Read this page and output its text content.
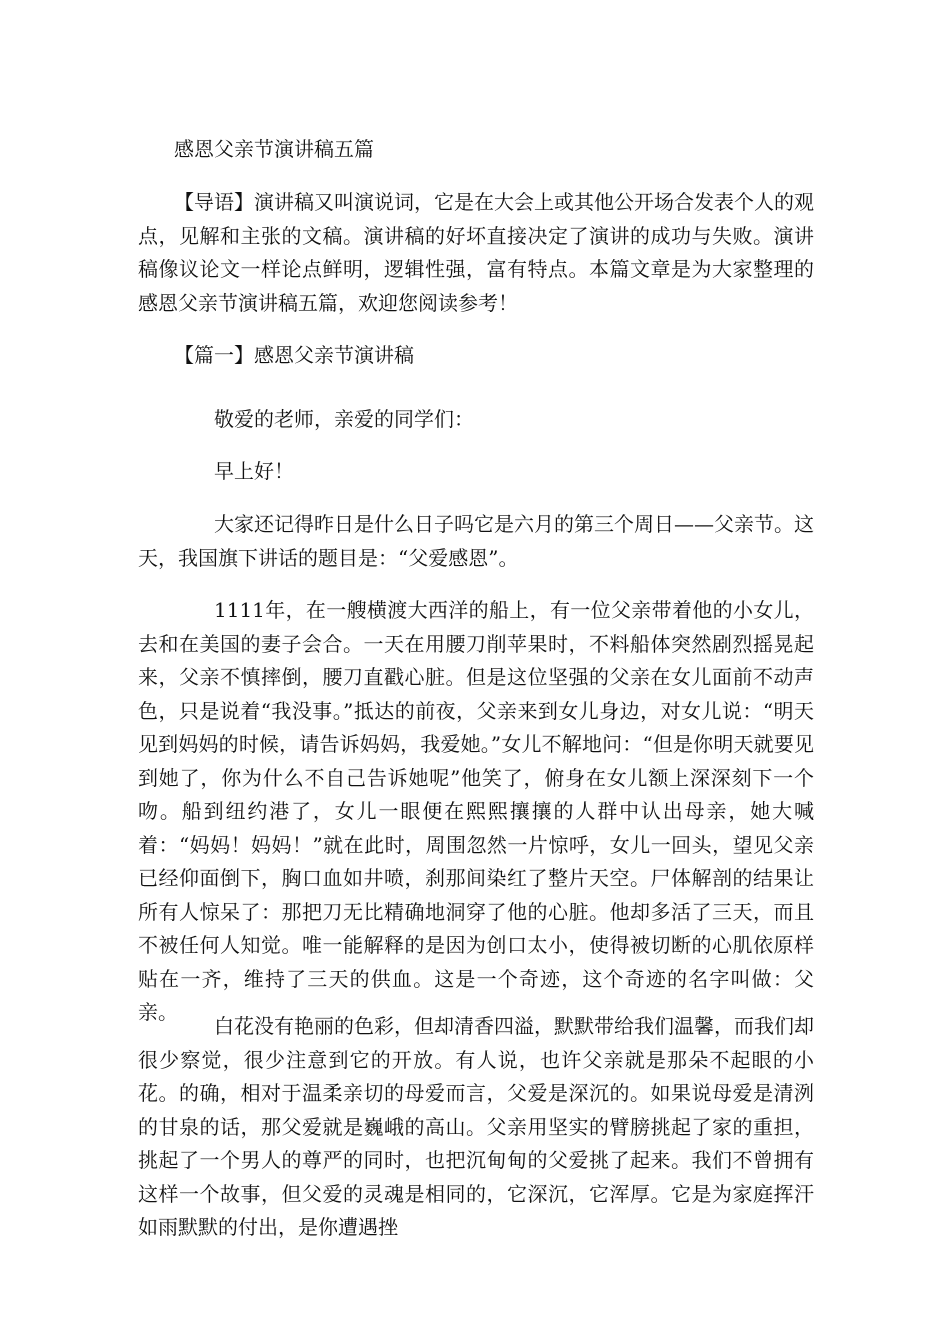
感恩父亲节演讲稿五篇

【导语】演讲稿又叫演说词，它是在大会上或其他公开场合发表个人的观点，见解和主张的文稿。演讲稿的好坏直接决定了演讲的成功与失败。演讲稿像议论文一样论点鲜明，逻辑性强，富有特点。本篇文章是为大家整理的感恩父亲节演讲稿五篇，欢迎您阅读参考！

【篇一】感恩父亲节演讲稿
敬爱的老师，亲爱的同学们：
早上好！

大家还记得昨日是什么日子吗它是六月的第三个周日——父亲节。这天，我国旗下讲话的题目是：“父爱感恩”。

1111年，在一艘横渡大西洋的船上，有一位父亲带着他的小女儿，去和在美国的妻子会合。一天在用腰刀削苹果时，不料船体突然剧烈摇晃起来，父亲不慎摔倒，腰刀直戳心脏。但是这位坚强的父亲在女儿面前不动声色，只是说着“我没事。”抵达的前夜，父亲来到女儿身边，对女儿说：“明天见到妈妈的时候，请告诉妈妈，我爱她。”女儿不解地问：“但是你明天就要见到她了，你为什么不自己告诉她呢”他笑了，俯身在女儿额上深深刻下一个吻。船到纽约港了，女儿一眼便在熙熙攘攘的人群中认出母亲，她大喊着：“妈妈！妈妈！”就在此时，周围忽然一片惊呼，女儿一回头，望见父亲已经仰面倒下，胸口血如井喷，刹那间染红了整片天空。尸体解剖的结果让所有人惊呆了：那把刀无比精确地洞穿了他的心脏。他却多活了三天，而且不被任何人知觉。唯一能解释的是因为创口太小，使得被切断的心肌依原样贴在一齐，维持了三天的供血。这是一个奇迹，这个奇迹的名字叫做：父亲。

白花没有艳丽的色彩，但却清香四溢，默默带给我们温馨，而我们却很少察觉，很少注意到它的开放。有人说，也许父亲就是那朵不起眼的小花。的确，相对于温柔亲切的母爱而言，父爱是深沉的。如果说母爱是清洌的甘泉的话，那父爱就是巍峨的高山。父亲用坚实的臂膀挑起了家的重担，挑起了一个男人的尊严的同时，也把沉甸甸的父爱挑了起来。我们不曾拥有这样一个故事，但父爱的灵魂是相同的，它深沉，它浑厚。它是为家庭挥汗如雨默默的付出，是你遭遇挫
